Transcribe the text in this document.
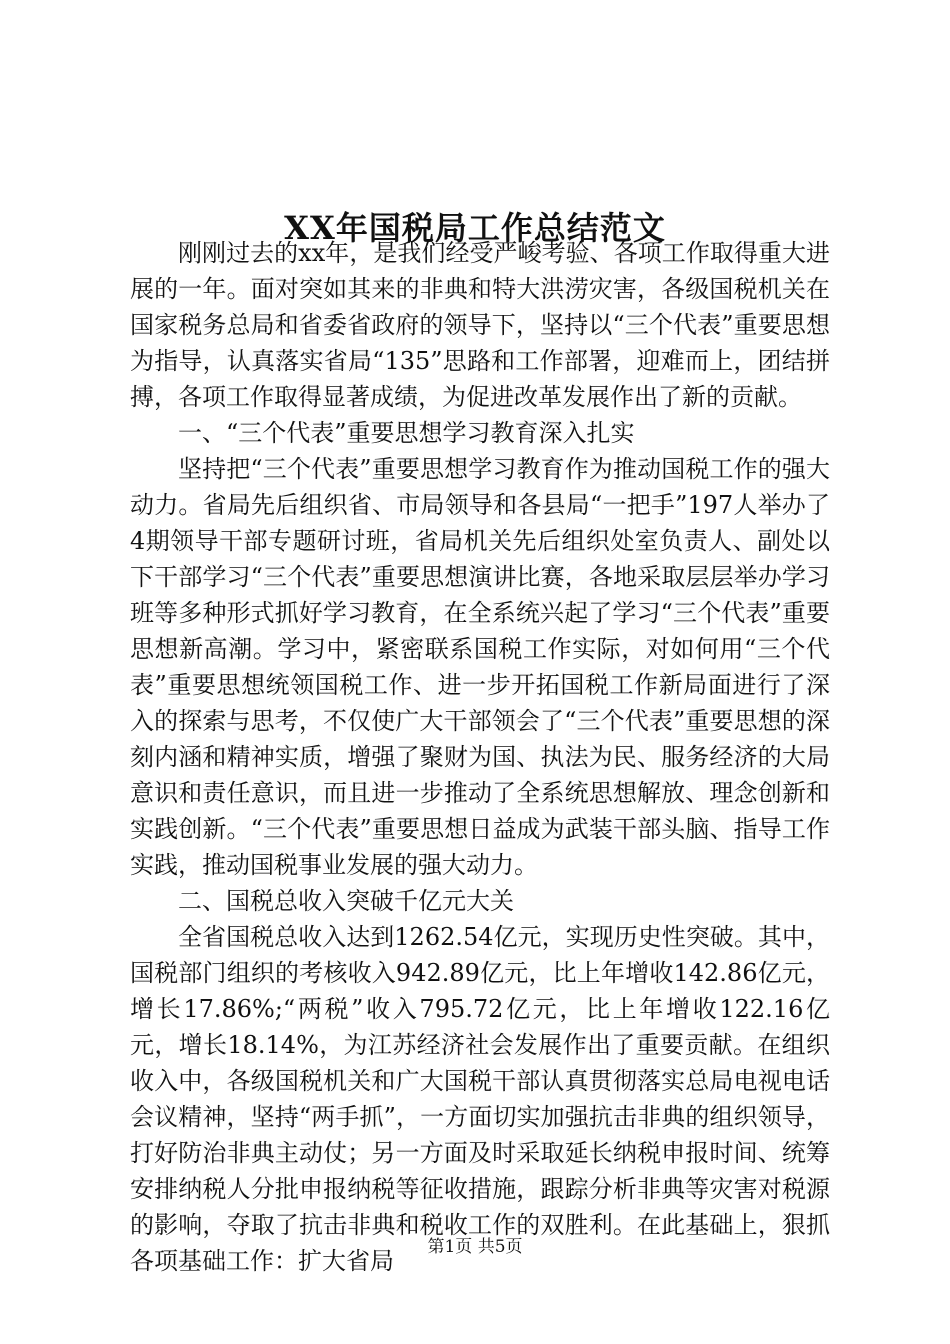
XX年国税局工作总结范文

刚刚过去的xx年，是我们经受严峻考验、各项工作取得重大进展的一年。面对突如其来的非典和特大洪涝灾害，各级国税机关在国家税务总局和省委省政府的领导下，坚持以“三个代表”重要思想为指导，认真落实省局“135”思路和工作部署，迎难而上，团结拼搏，各项工作取得显著成绩，为促进改革发展作出了新的贡献。

一、“三个代表”重要思想学习教育深入扎实

坚持把“三个代表”重要思想学习教育作为推动国税工作的强大动力。省局先后组织省、市局领导和各县局“一把手”197人举办了4期领导干部专题研讨班，省局机关先后组织处室负责人、副处以下干部学习“三个代表”重要思想演讲比赛，各地采取层层举办学习班等多种形式抓好学习教育，在全系统兴起了学习“三个代表”重要思想新高潮。学习中，紧密联系国税工作实际，对如何用“三个代表”重要思想统领国税工作、进一步开拓国税工作新局面进行了深入的探索与思考，不仅使广大干部领会了“三个代表”重要思想的深刻内涵和精神实质，增强了聚财为国、执法为民、服务经济的大局意识和责任意识，而且进一步推动了全系统思想解放、理念创新和实践创新。“三个代表”重要思想日益成为武装干部头脑、指导工作实践，推动国税事业发展的强大动力。

二、国税总收入突破千亿元大关

全省国税总收入达到1262.54亿元，实现历史性突破。其中，国税部门组织的考核收入942.89亿元，比上年增收142.86亿元，增长17.86%;“两税”收入795.72亿元，比上年增收122.16亿元，增长18.14%，为江苏经济社会发展作出了重要贡献。在组织收入中，各级国税机关和广大国税干部认真贯彻落实总局电视电话会议精神，坚持“两手抓”，一方面切实加强抗击非典的组织领导，打好防治非典主动仗；另一方面及时采取延长纳税申报时间、统筹安排纳税人分批申报纳税等征收措施，跟踪分析非典等灾害对税源的影响，夺取了抗击非典和税收工作的双胜利。在此基础上，狠抓各项基础工作：扩大省局	第1页 共5页
